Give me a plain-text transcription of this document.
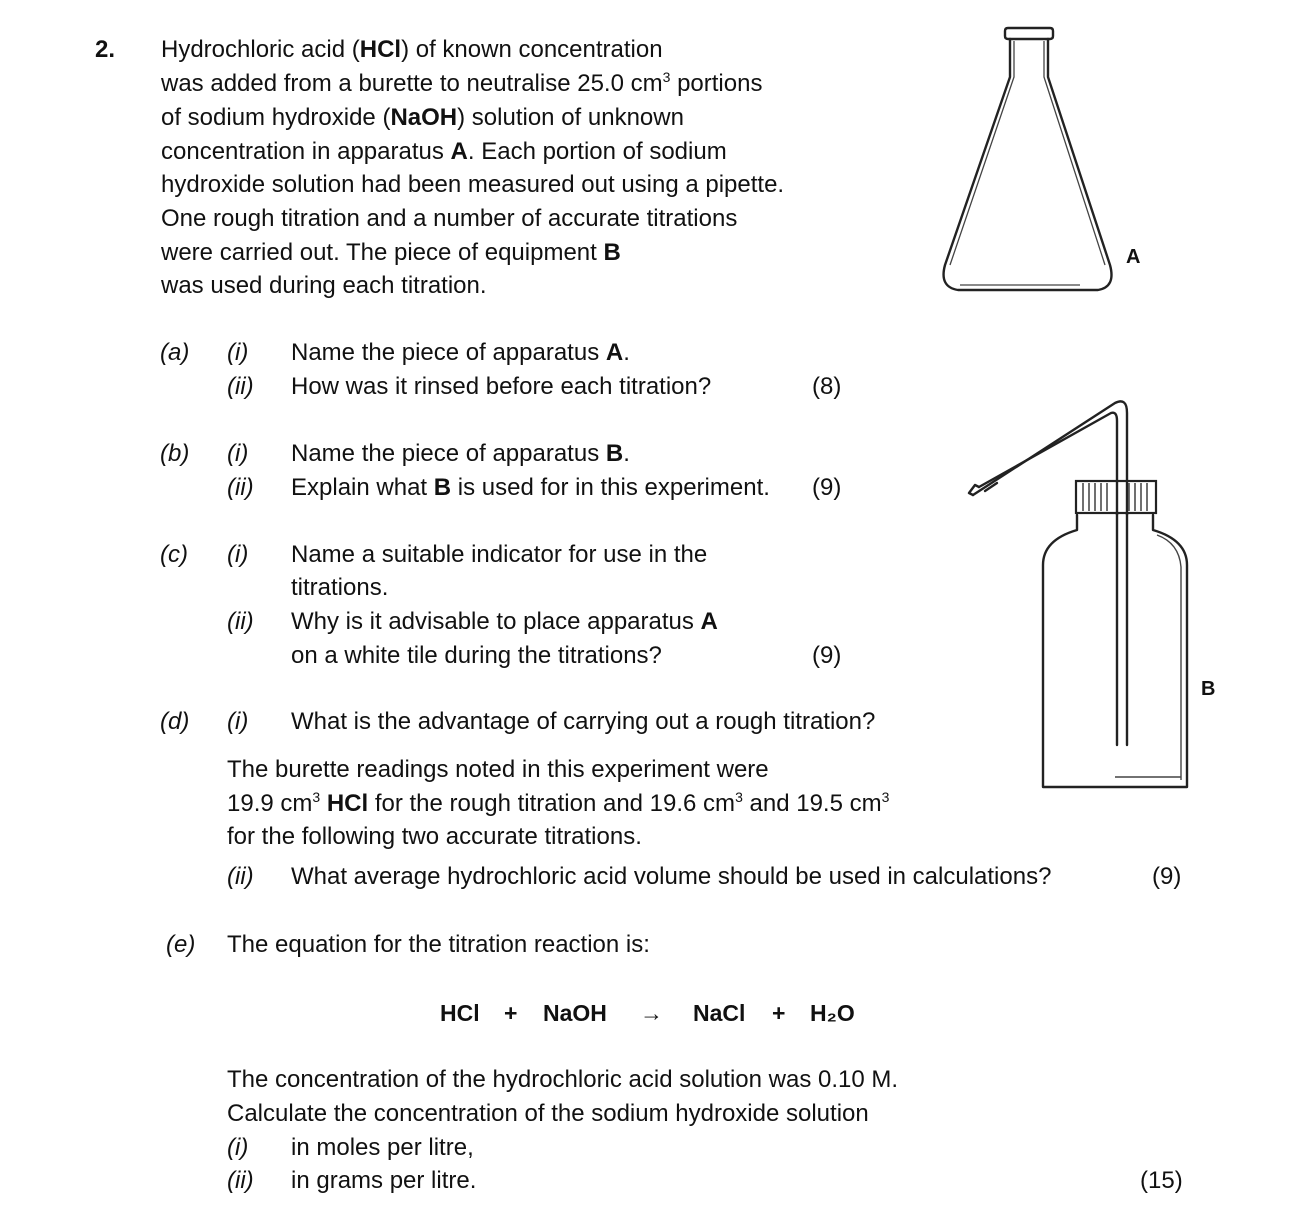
2. Hydrochloric acid (HCl) of known concentration
was added from a burette to neutralise 25.0 $cm^3$ portions
of sodium hydroxide (NaOH) solution of unknown
concentration in apparatus A. Each portion of sodium
hydroxide solution had been measured out using a pipette.
One rough titration and a number of accurate titrations
were carried out. The piece of equipment B
was used during each titration.
(a) (i) Name the piece of apparatus A.
(ii) How was it rinsed before each titration?	(8)
(b) (i) Name the piece of apparatus B.
(ii) Explain what B is used for in this experiment. (9)
(c) (i) Name a suitable indicator for use in the
titrations.
(ii) Why is it advisable to place apparatus A
on a white tile during the titrations?	(9)
(d) (i) What is the advantage of carrying out a rough titration?
The burette readings noted in this experiment were
19.9 $cm^3$ HCl for the rough titration and 19.6 $cm^3$ and 19.5 $cm^3$
for the following two accurate titrations.
(ii) What average hydrochloric acid volume should be used in calculations?	(9)
(e) The equation for the titration reaction is:
HCl + NaOH → NaCl + H₂O
The concentration of the hydrochloric acid solution was 0.10 M.
Calculate the concentration of the sodium hydroxide solution
(i) in moles per litre,
(ii) in grams per litre.	(15)
A
B
